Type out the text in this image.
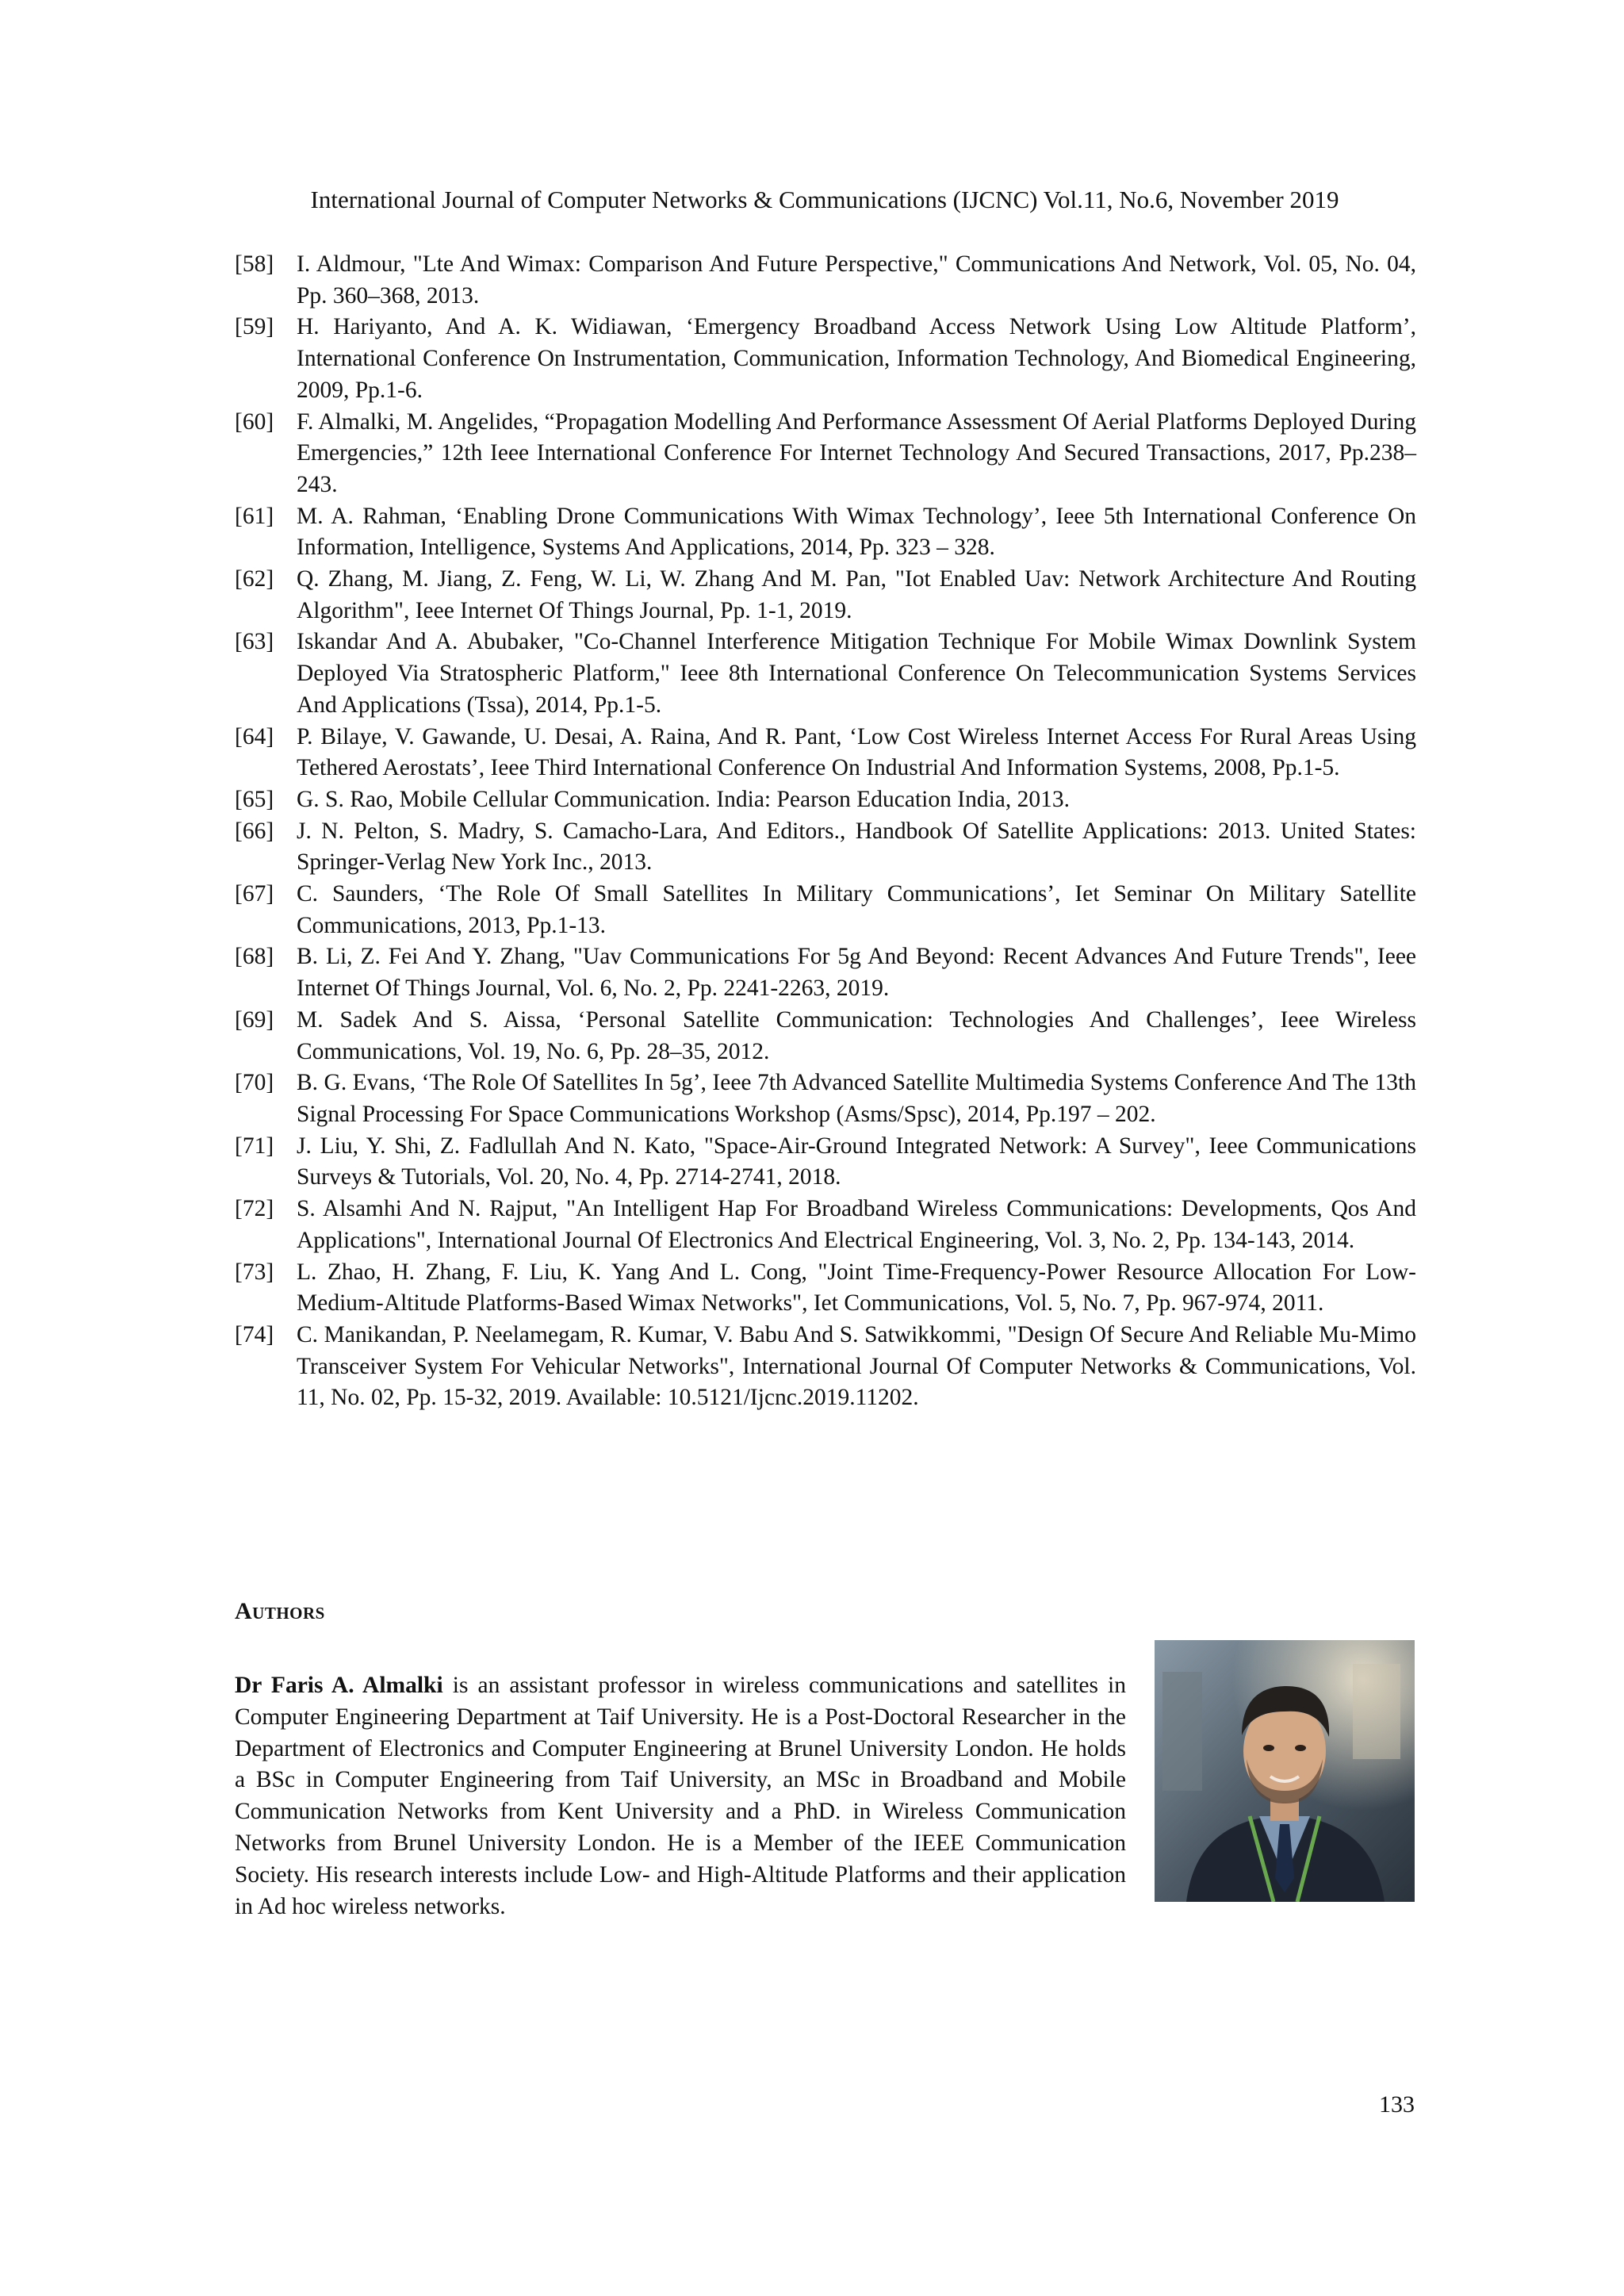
International Journal of Computer Networks & Communications (IJCNC) Vol.11, No.6, November 2019
[58] I. Aldmour, "Lte And Wimax: Comparison And Future Perspective," Communications And Network, Vol. 05, No. 04, Pp. 360–368, 2013.
[59] H. Hariyanto, And A. K. Widiawan, ‘Emergency Broadband Access Network Using Low Altitude Platform’, International Conference On Instrumentation, Communication, Information Technology, And Biomedical Engineering, 2009, Pp.1-6.
[60] F. Almalki, M. Angelides, “Propagation Modelling And Performance Assessment Of Aerial Platforms Deployed During Emergencies,” 12th Ieee International Conference For Internet Technology And Secured Transactions, 2017, Pp.238–243.
[61] M. A. Rahman, ‘Enabling Drone Communications With Wimax Technology’, Ieee 5th International Conference On Information, Intelligence, Systems And Applications, 2014, Pp. 323 – 328.
[62] Q. Zhang, M. Jiang, Z. Feng, W. Li, W. Zhang And M. Pan, "Iot Enabled Uav: Network Architecture And Routing Algorithm", Ieee Internet Of Things Journal, Pp. 1-1, 2019.
[63] Iskandar And A. Abubaker, "Co-Channel Interference Mitigation Technique For Mobile Wimax Downlink System Deployed Via Stratospheric Platform," Ieee 8th International Conference On Telecommunication Systems Services And Applications (Tssa), 2014, Pp.1-5.
[64] P. Bilaye, V. Gawande, U. Desai, A. Raina, And R. Pant, ‘Low Cost Wireless Internet Access For Rural Areas Using Tethered Aerostats’, Ieee Third International Conference On Industrial And Information Systems, 2008, Pp.1-5.
[65] G. S. Rao, Mobile Cellular Communication. India: Pearson Education India, 2013.
[66] J. N. Pelton, S. Madry, S. Camacho-Lara, And Editors., Handbook Of Satellite Applications: 2013. United States: Springer-Verlag New York Inc., 2013.
[67] C. Saunders, ‘The Role Of Small Satellites In Military Communications’, Iet Seminar On Military Satellite Communications, 2013, Pp.1-13.
[68] B. Li, Z. Fei And Y. Zhang, "Uav Communications For 5g And Beyond: Recent Advances And Future Trends", Ieee Internet Of Things Journal, Vol. 6, No. 2, Pp. 2241-2263, 2019.
[69] M. Sadek And S. Aissa, ‘Personal Satellite Communication: Technologies And Challenges’, Ieee Wireless Communications, Vol. 19, No. 6, Pp. 28–35, 2012.
[70] B. G. Evans, ‘The Role Of Satellites In 5g’, Ieee 7th Advanced Satellite Multimedia Systems Conference And The 13th Signal Processing For Space Communications Workshop (Asms/Spsc), 2014, Pp.197 – 202.
[71] J. Liu, Y. Shi, Z. Fadlullah And N. Kato, "Space-Air-Ground Integrated Network: A Survey", Ieee Communications Surveys & Tutorials, Vol. 20, No. 4, Pp. 2714-2741, 2018.
[72] S. Alsamhi And N. Rajput, "An Intelligent Hap For Broadband Wireless Communications: Developments, Qos And Applications", International Journal Of Electronics And Electrical Engineering, Vol. 3, No. 2, Pp. 134-143, 2014.
[73] L. Zhao, H. Zhang, F. Liu, K. Yang And L. Cong, "Joint Time-Frequency-Power Resource Allocation For Low-Medium-Altitude Platforms-Based Wimax Networks", Iet Communications, Vol. 5, No. 7, Pp. 967-974, 2011.
[74] C. Manikandan, P. Neelamegam, R. Kumar, V. Babu And S. Satwikkommi, "Design Of Secure And Reliable Mu-Mimo Transceiver System For Vehicular Networks", International Journal Of Computer Networks & Communications, Vol. 11, No. 02, Pp. 15-32, 2019. Available: 10.5121/Ijcnc.2019.11202.
Authors
Dr Faris A. Almalki is an assistant professor in wireless communications and satellites in Computer Engineering Department at Taif University. He is a Post-Doctoral Researcher in the Department of Electronics and Computer Engineering at Brunel University London. He holds a BSc in Computer Engineering from Taif University, an MSc in Broadband and Mobile Communication Networks from Kent University and a PhD. in Wireless Communication Networks from Brunel University London. He is a Member of the IEEE Communication Society. His research interests include Low- and High-Altitude Platforms and their application in Ad hoc wireless networks.
133
